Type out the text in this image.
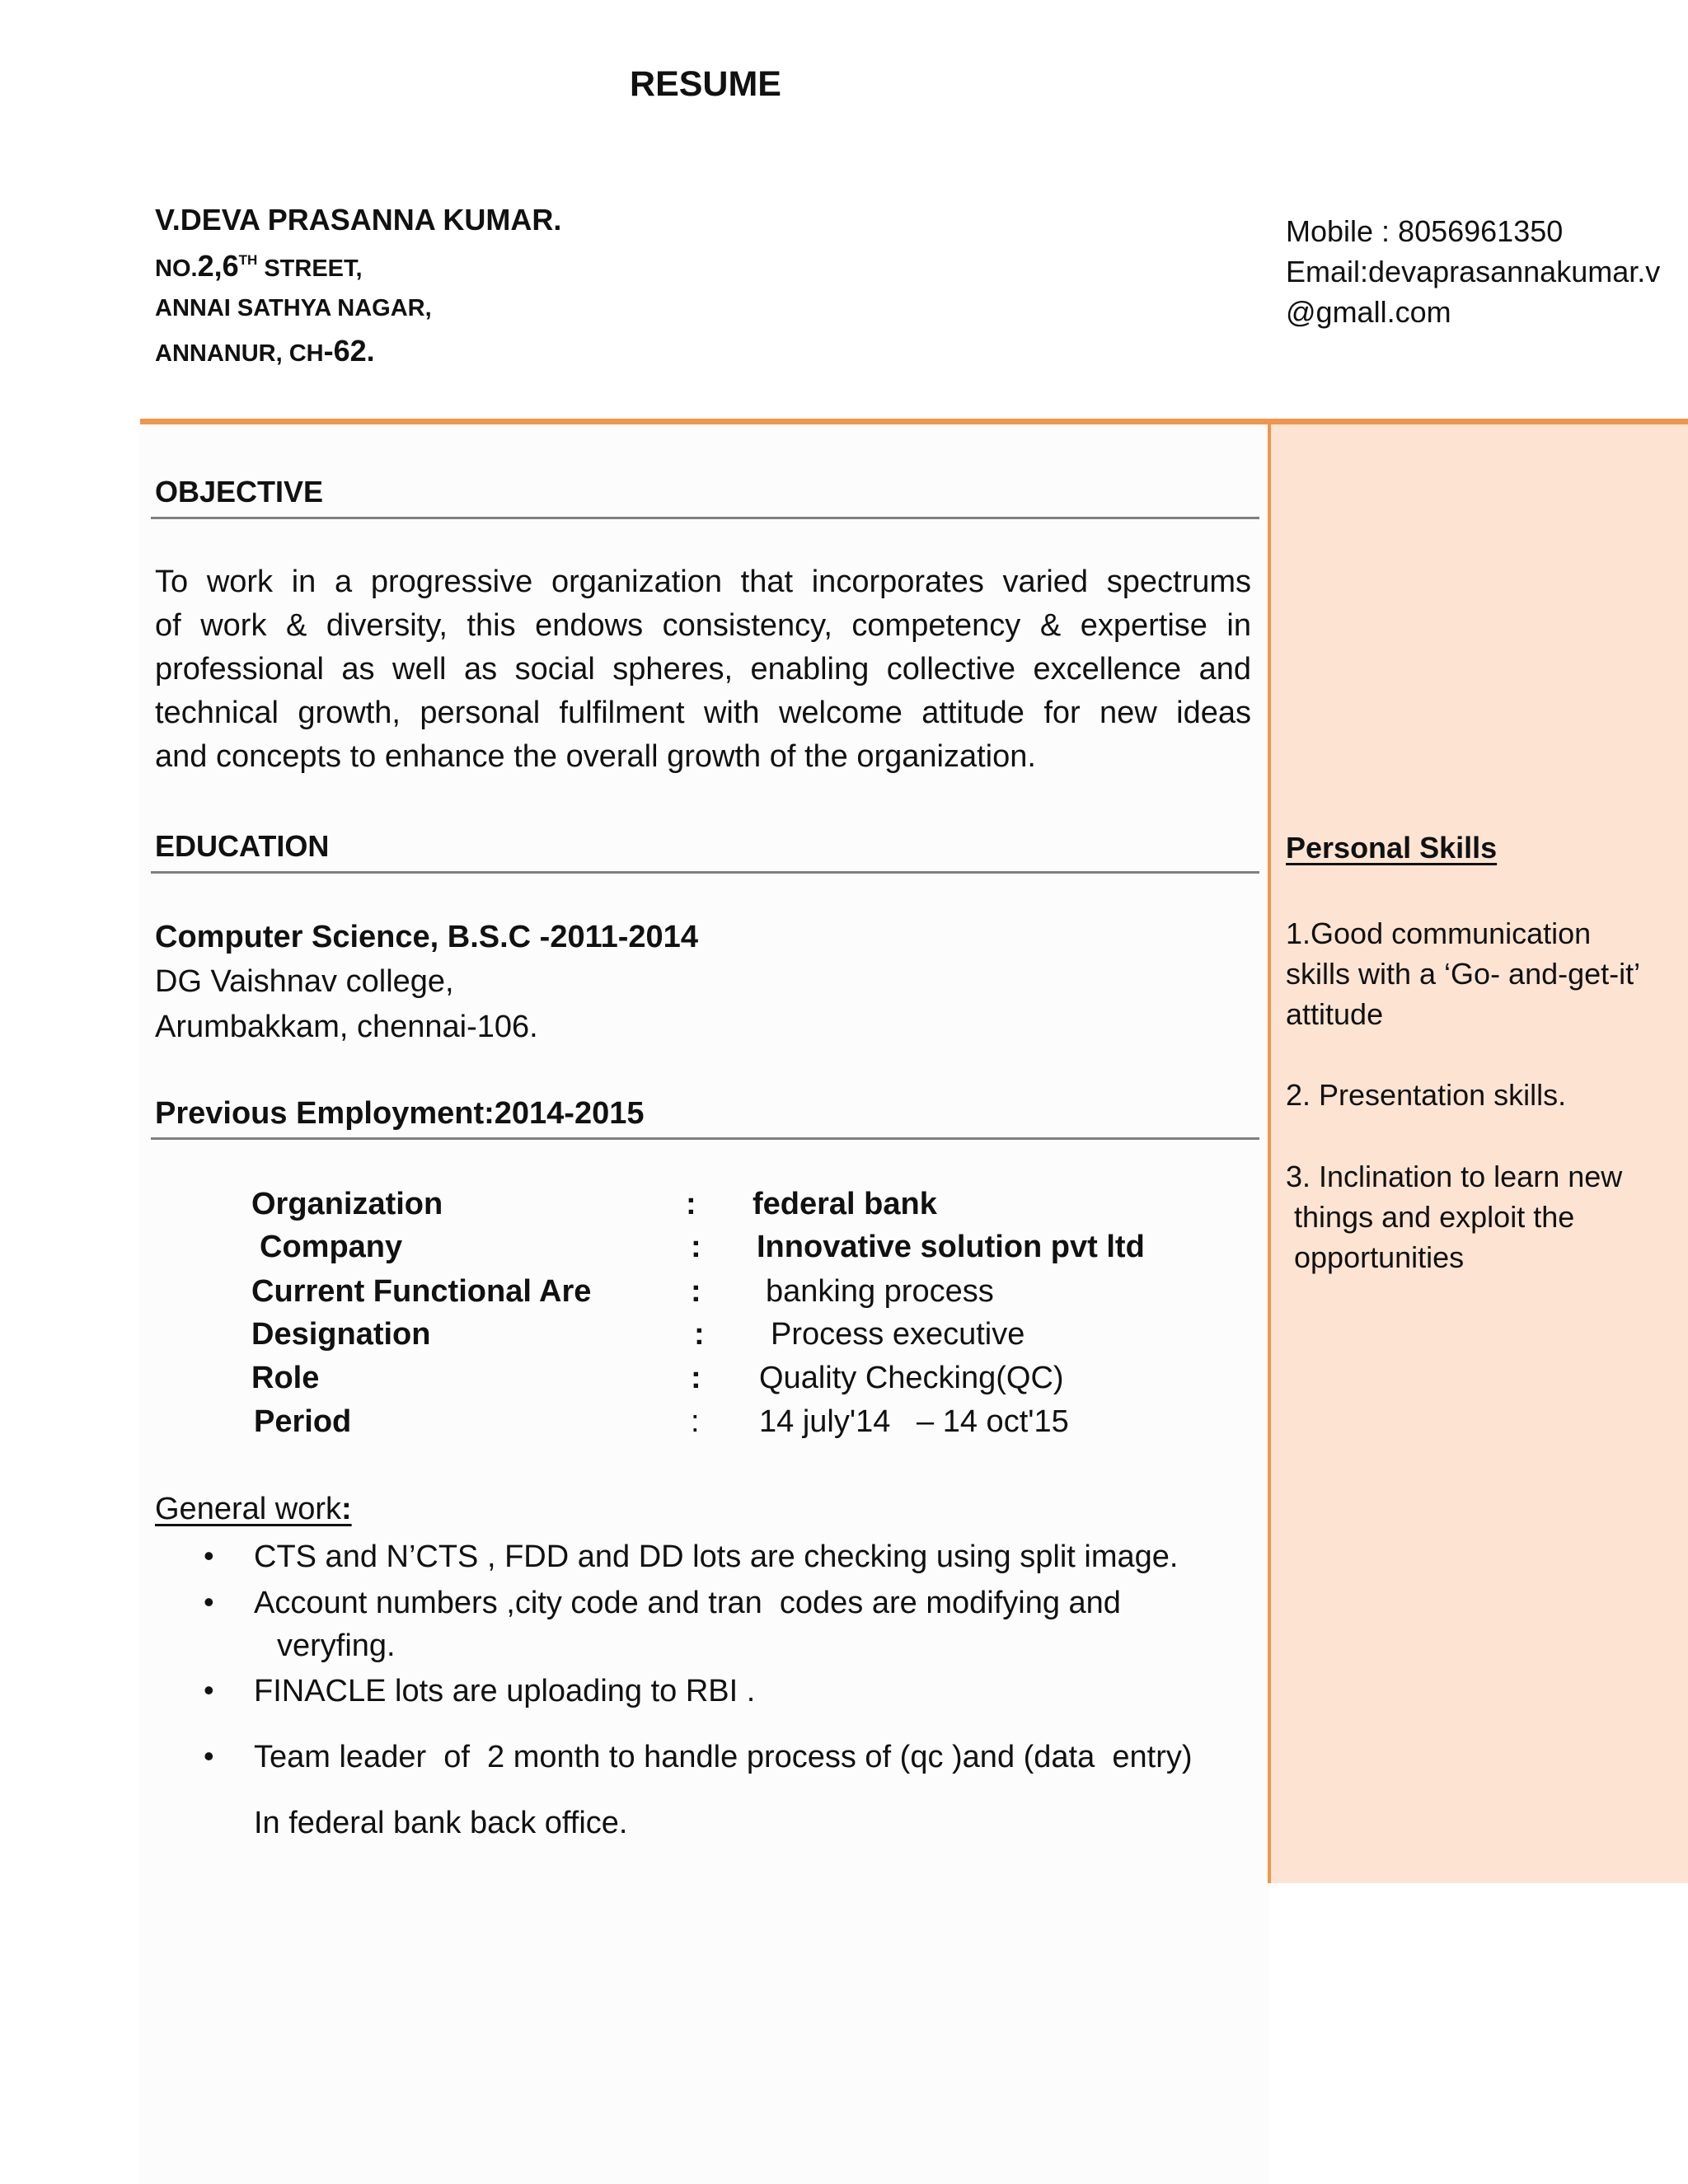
RESUME
V.DEVA PRASANNA KUMAR.
NO.2,6TH STREET,
ANNAI SATHYA NAGAR,
ANNANUR, CH-62.
Mobile : 8056961350
Email:devaprasannakumar.v
@gmall.com
OBJECTIVE
To work in a progressive organization that incorporates varied spectrums
of work & diversity, this endows consistency, competency & expertise in
professional as well as social spheres, enabling collective excellence and
technical growth, personal fulfilment with welcome attitude for new ideas
and concepts to enhance the overall growth of the organization.
EDUCATION
Computer Science, B.S.C -2011-2014
DG Vaishnav college,
Arumbakkam, chennai-106.
Previous Employment:2014-2015
Organization	: federal bank
Company	: Innovative solution pvt ltd
Current Functional Are	: banking process
Designation	: Process executive
Role	: Quality Checking(QC)
Period	: 14 july'14   – 14 oct'15
General work:
• CTS and N’CTS , FDD and DD lots are checking using split image.
• Account numbers ,city code and tran  codes are modifying and
veryfing.
• FINACLE lots are uploading to RBI .
• Team leader  of  2 month to handle process of (qc )and (data  entry)
In federal bank back office.
Personal Skills
1.Good communication
skills with a ‘Go- and-get-it’
attitude
2. Presentation skills.
3. Inclination to learn new
things and exploit the
opportunities
